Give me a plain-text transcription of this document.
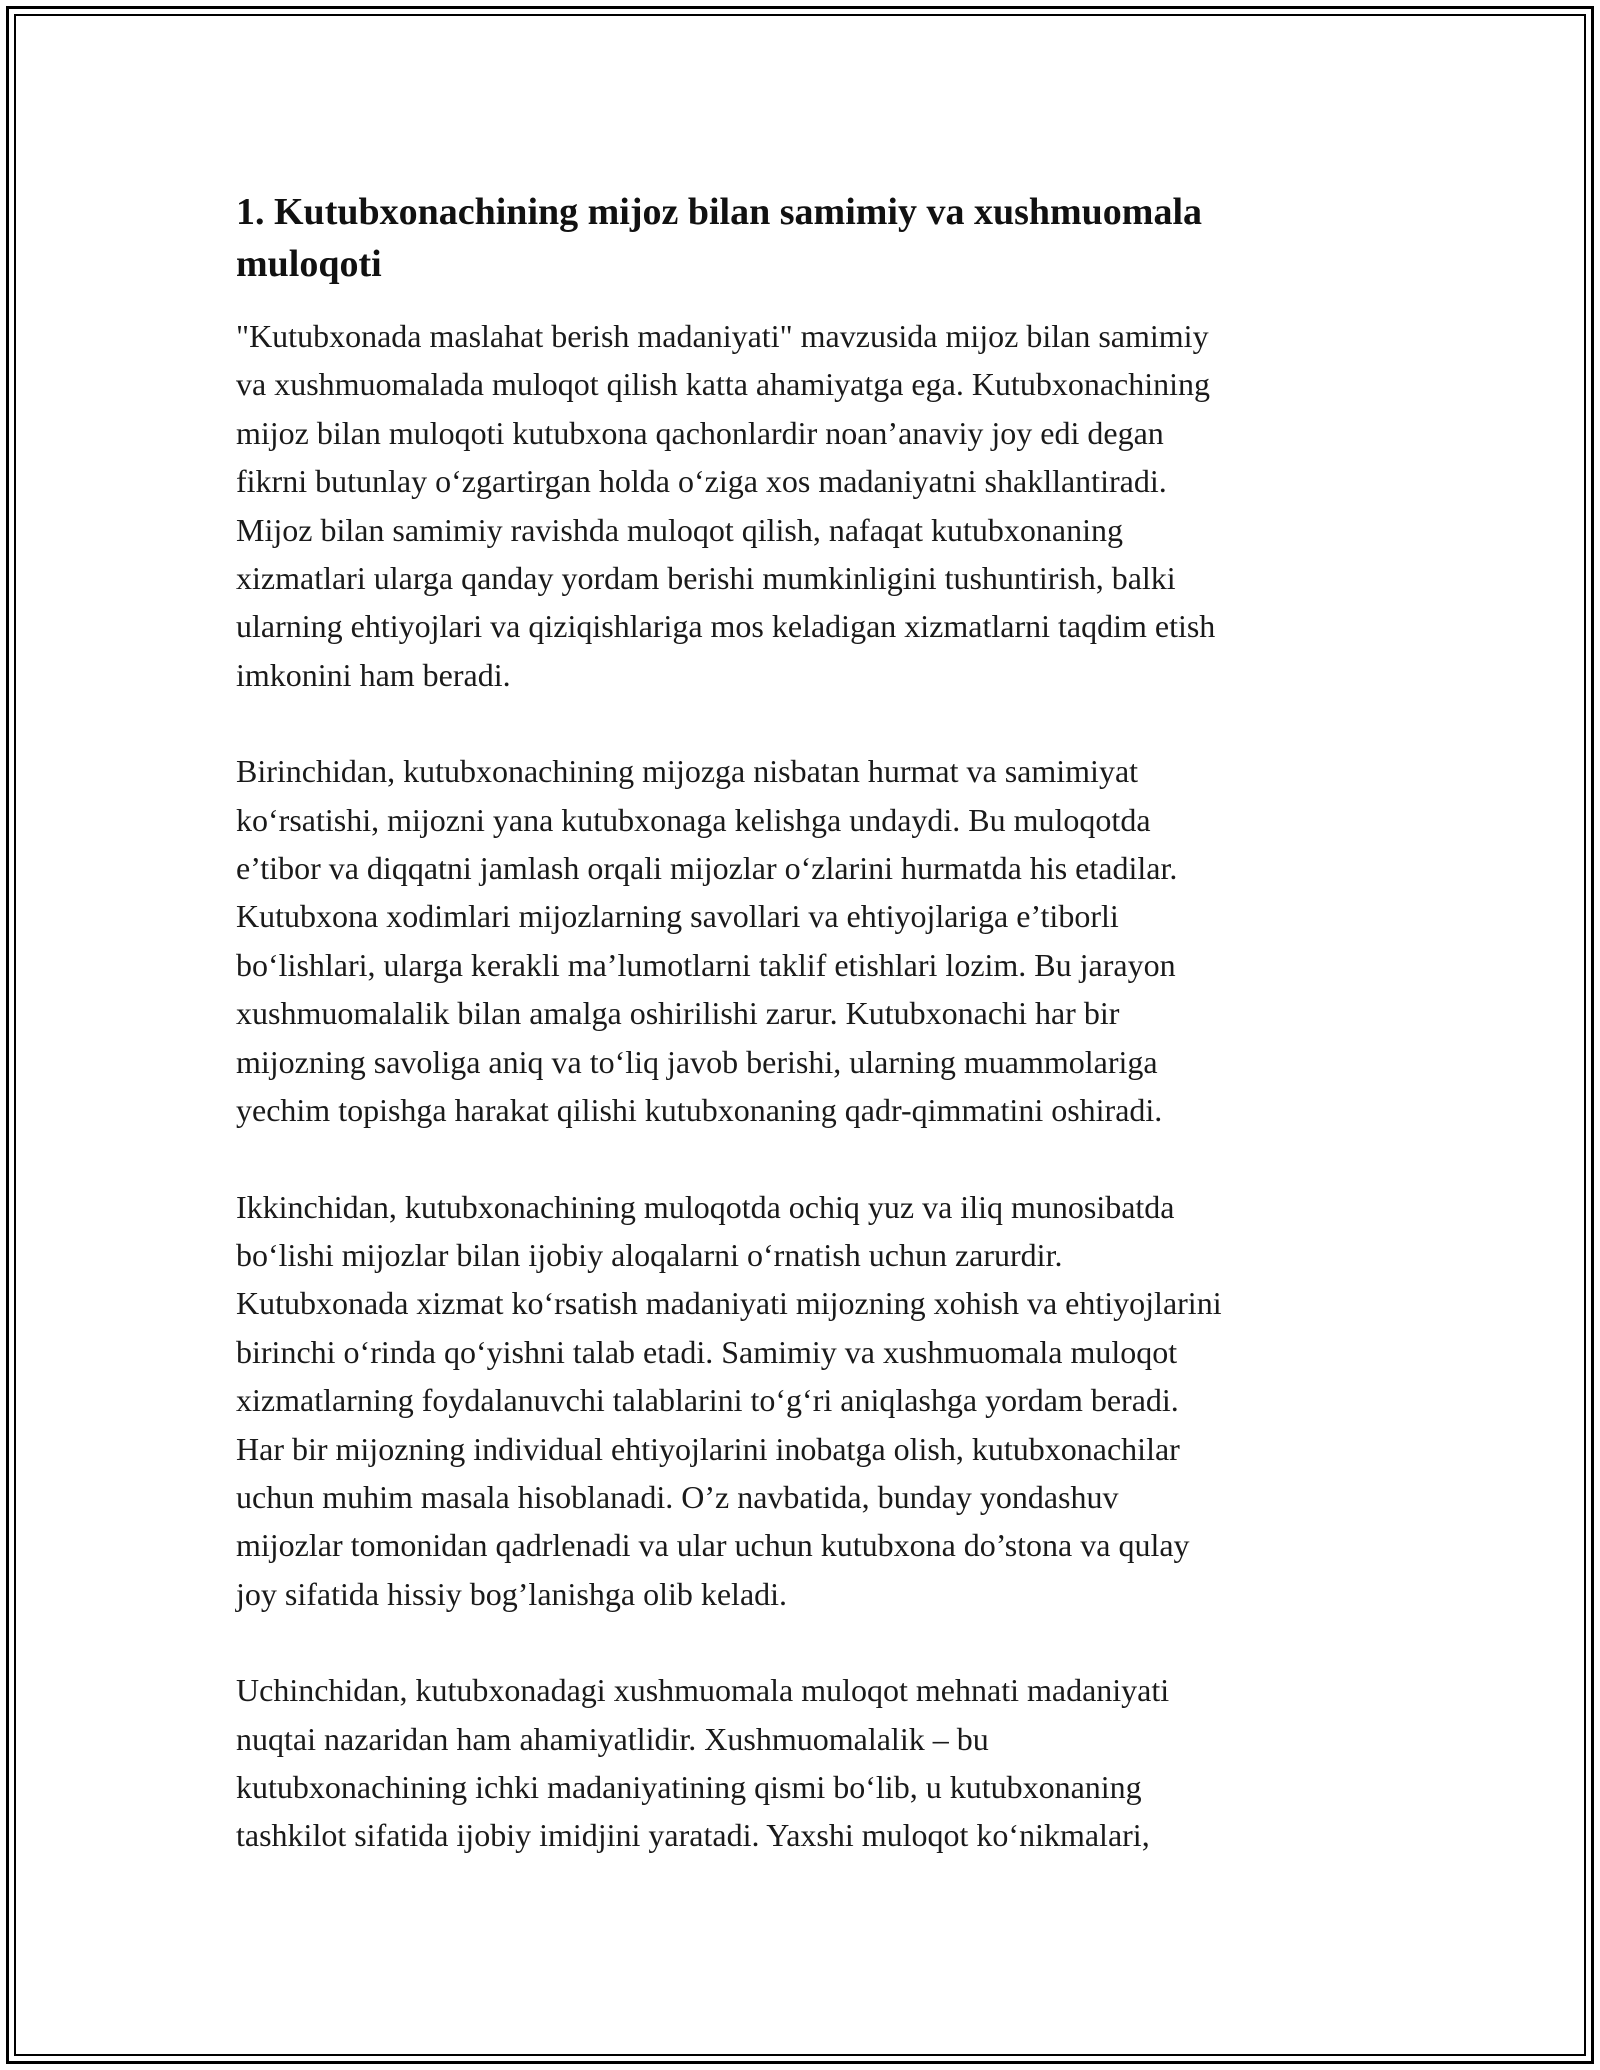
1. Kutubxonachining mijoz bilan samimiy va xushmuomala
muloqoti

"Kutubxonada maslahat berish madaniyati" mavzusida mijoz bilan samimiy
va xushmuomalada muloqot qilish katta ahamiyatga ega. Kutubxonachining
mijoz bilan muloqoti kutubxona qachonlardir noan’anaviy joy edi degan
fikrni butunlay o‘zgartirgan holda o‘ziga xos madaniyatni shakllantiradi.
Mijoz bilan samimiy ravishda muloqot qilish, nafaqat kutubxonaning
xizmatlari ularga qanday yordam berishi mumkinligini tushuntirish, balki
ularning ehtiyojlari va qiziqishlariga mos keladigan xizmatlarni taqdim etish
imkonini ham beradi.

Birinchidan, kutubxonachining mijozga nisbatan hurmat va samimiyat
ko‘rsatishi, mijozni yana kutubxonaga kelishga undaydi. Bu muloqotda
e’tibor va diqqatni jamlash orqali mijozlar o‘zlarini hurmatda his etadilar.
Kutubxona xodimlari mijozlarning savollari va ehtiyojlariga e’tiborli
bo‘lishlari, ularga kerakli ma’lumotlarni taklif etishlari lozim. Bu jarayon
xushmuomalalik bilan amalga oshirilishi zarur. Kutubxonachi har bir
mijozning savoliga aniq va to‘liq javob berishi, ularning muammolariga
yechim topishga harakat qilishi kutubxonaning qadr-qimmatini oshiradi.

Ikkinchidan, kutubxonachining muloqotda ochiq yuz va iliq munosibatda
bo‘lishi mijozlar bilan ijobiy aloqalarni o‘rnatish uchun zarurdir.
Kutubxonada xizmat ko‘rsatish madaniyati mijozning xohish va ehtiyojlarini
birinchi o‘rinda qo‘yishni talab etadi. Samimiy va xushmuomala muloqot
xizmatlarning foydalanuvchi talablarini to‘g‘ri aniqlashga yordam beradi.
Har bir mijozning individual ehtiyojlarini inobatga olish, kutubxonachilar
uchun muhim masala hisoblanadi. O’z navbatida, bunday yondashuv
mijozlar tomonidan qadrlenadi va ular uchun kutubxona do’stona va qulay
joy sifatida hissiy bog’lanishga olib keladi.

Uchinchidan, kutubxonadagi xushmuomala muloqot mehnati madaniyati
nuqtai nazaridan ham ahamiyatlidir. Xushmuomalalik – bu
kutubxonachining ichki madaniyatining qismi bo‘lib, u kutubxonaning
tashkilot sifatida ijobiy imidjini yaratadi. Yaxshi muloqot ko‘nikmalari,
